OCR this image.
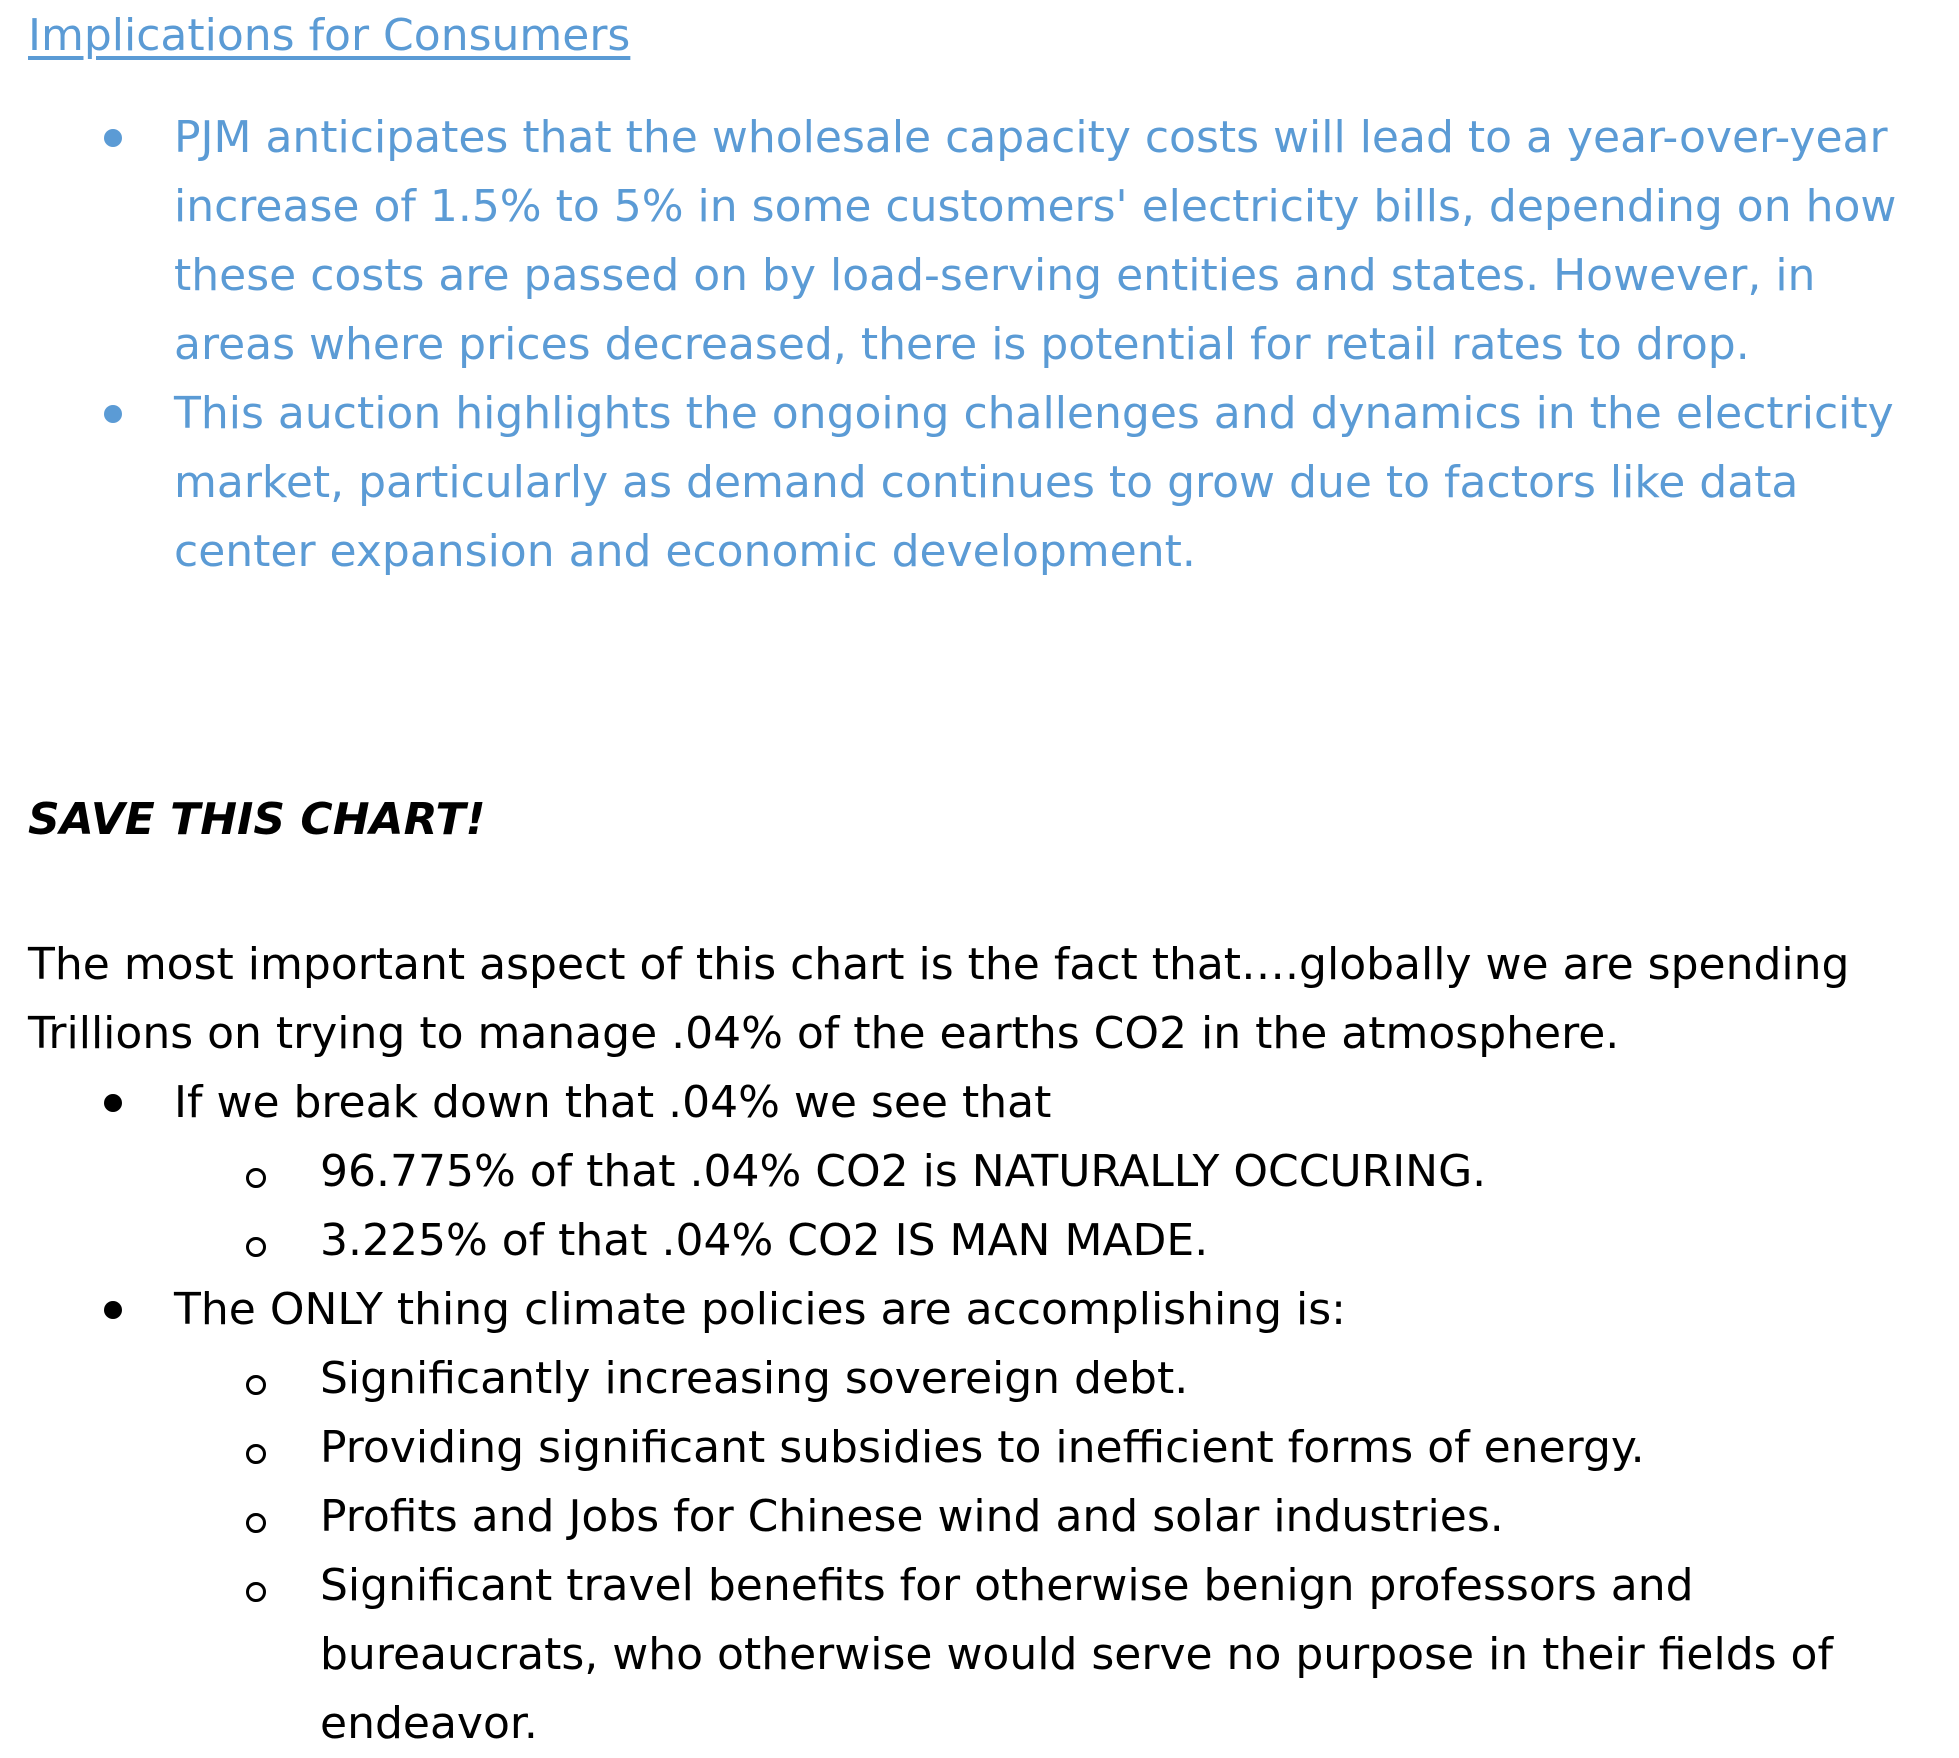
Implications for Consumers
PJM anticipates that the wholesale capacity costs will lead to a year-over-year increase of 1.5% to 5% in some customers' electricity bills, depending on how these costs are passed on by load-serving entities and states. However, in areas where prices decreased, there is potential for retail rates to drop.
This auction highlights the ongoing challenges and dynamics in the electricity market, particularly as demand continues to grow due to factors like data center expansion and economic development.
SAVE THIS CHART!

The most important aspect of this chart is the fact that….globally we are spending Trillions on trying to manage .04% of the earths CO2 in the atmosphere.

If we break down that .04% we see that
96.775% of that .04% CO2 is NATURALLY OCCURING.
3.225% of that .04% CO2 IS MAN MADE.
The ONLY thing climate policies are accomplishing is:
Significantly increasing sovereign debt.
Providing significant subsidies to inefficient forms of energy.
Profits and Jobs for Chinese wind and solar industries.
Significant travel benefits for otherwise benign professors and bureaucrats, who otherwise would serve no purpose in their fields of endeavor.
